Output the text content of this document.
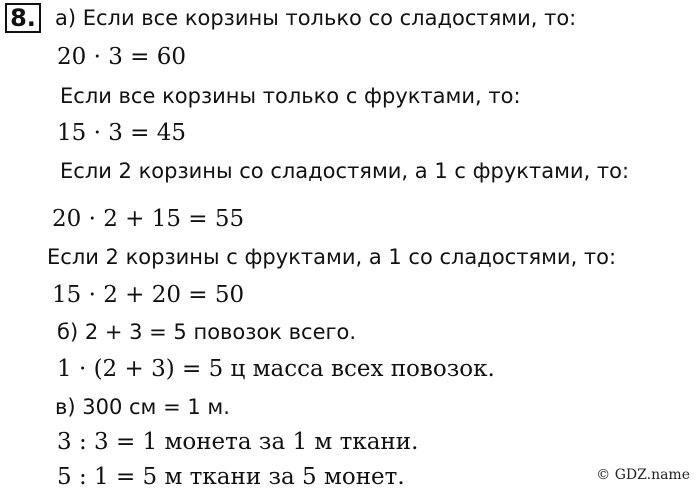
8. а) Если все корзины только со сладостями, то:
20 · 3 = 60
Если все корзины только с фруктами, то:
15 · 3 = 45
Если 2 корзины со сладостями, а 1 с фруктами, то:
20 · 2 + 15 = 55
Если 2 корзины с фруктами, а 1 со сладостями, то:
15 · 2 + 20 = 50
б) 2 + 3 = 5 повозок всего.
1 · (2 + 3) = 5 ц масса всех повозок.
в) 300 см = 1 м.
3 : 3 = 1 монета за 1 м ткани.
5 : 1 = 5 м ткани за 5 монет.	© GDZ.name
